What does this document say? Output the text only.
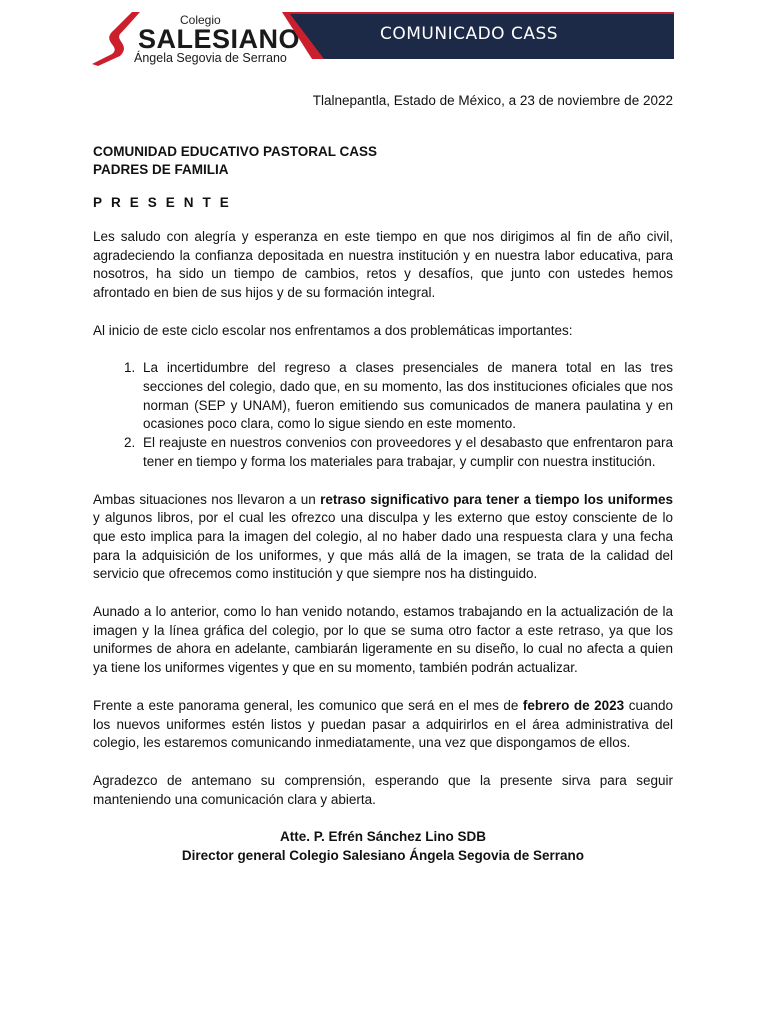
Colegio
SALESIANO
Ángela Segovia de Serrano
COMUNICADO CASS

Tlalnepantla, Estado de México, a 23 de noviembre de 2022

COMUNIDAD EDUCATIVO PASTORAL CASS

PADRES DE FAMILIA

PRESENTE

Les saludo con alegría y esperanza en este tiempo en que nos dirigimos al fin de año civil, agradeciendo la confianza depositada en nuestra institución y en nuestra labor educativa, para nosotros, ha sido un tiempo de cambios, retos y desafíos, que junto con ustedes hemos afrontado en bien de sus hijos y de su formación integral.

Al inicio de este ciclo escolar nos enfrentamos a dos problemáticas importantes:

1. La incertidumbre del regreso a clases presenciales de manera total en las tres secciones del colegio, dado que, en su momento, las dos instituciones oficiales que nos norman (SEP y UNAM), fueron emitiendo sus comunicados de manera paulatina y en ocasiones poco clara, como lo sigue siendo en este momento.
2. El reajuste en nuestros convenios con proveedores y el desabasto que enfrentaron para tener en tiempo y forma los materiales para trabajar, y cumplir con nuestra institución.

Ambas situaciones nos llevaron a un retraso significativo para tener a tiempo los uniformes y algunos libros, por el cual les ofrezco una disculpa y les externo que estoy consciente de lo que esto implica para la imagen del colegio, al no haber dado una respuesta clara y una fecha para la adquisición de los uniformes, y que más allá de la imagen, se trata de la calidad del servicio que ofrecemos como institución y que siempre nos ha distinguido.

Aunado a lo anterior, como lo han venido notando, estamos trabajando en la actualización de la imagen y la línea gráfica del colegio, por lo que se suma otro factor a este retraso, ya que los uniformes de ahora en adelante, cambiarán ligeramente en su diseño, lo cual no afecta a quien ya tiene los uniformes vigentes y que en su momento, también podrán actualizar.

Frente a este panorama general, les comunico que será en el mes de febrero de 2023 cuando los nuevos uniformes estén listos y puedan pasar a adquirirlos en el área administrativa del colegio, les estaremos comunicando inmediatamente, una vez que dispongamos de ellos.

Agradezco de antemano su comprensión, esperando que la presente sirva para seguir manteniendo una comunicación clara y abierta.

Atte. P. Efrén Sánchez Lino SDB

Director general Colegio Salesiano Ángela Segovia de Serrano
